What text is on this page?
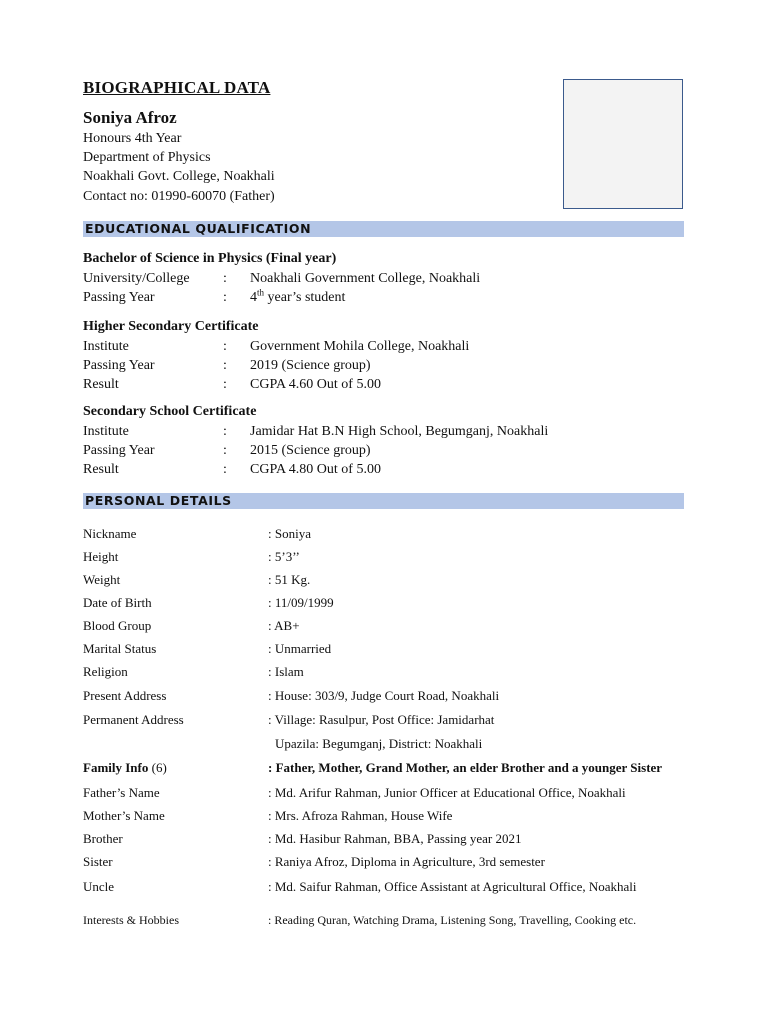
BIOGRAPHICAL DATA
Soniya Afroz
Honours 4th Year
Department of Physics
Noakhali Govt. College, Noakhali
Contact no: 01990-60070 (Father)
EDUCATIONAL QUALIFICATION
Bachelor of Science in Physics (Final year)
University/College : Noakhali Government College, Noakhali
Passing Year	: 4th year’s student
Higher Secondary Certificate
Institute	: Government Mohila College, Noakhali
Passing Year	: 2019 (Science group)
Result	: CGPA 4.60 Out of 5.00
Secondary School Certificate
Institute	: Jamidar Hat B.N High School, Begumganj, Noakhali
Passing Year	: 2015 (Science group)
Result	: CGPA 4.80 Out of 5.00
PERSONAL DETAILS
Nickname	: Soniya
Height	: 5’3’’
Weight	: 51 Kg.
Date of Birth	: 11/09/1999
Blood Group	: AB+
Marital Status	: Unmarried
Religion	: Islam
Present Address	: House: 303/9, Judge Court Road, Noakhali
Permanent Address	: Village: Rasulpur, Post Office: Jamidarhat
Upazila: Begumganj, District: Noakhali
Family Info (6)	: Father, Mother, Grand Mother, an elder Brother and a younger Sister
Father’s Name	: Md. Arifur Rahman, Junior Officer at Educational Office, Noakhali
Mother’s Name	: Mrs. Afroza Rahman, House Wife
Brother	: Md. Hasibur Rahman, BBA, Passing year 2021
Sister	: Raniya Afroz, Diploma in Agriculture, 3rd semester
Uncle	: Md. Saifur Rahman, Office Assistant at Agricultural Office, Noakhali
Interests & Hobbies	: Reading Quran, Watching Drama, Listening Song, Travelling, Cooking etc.
